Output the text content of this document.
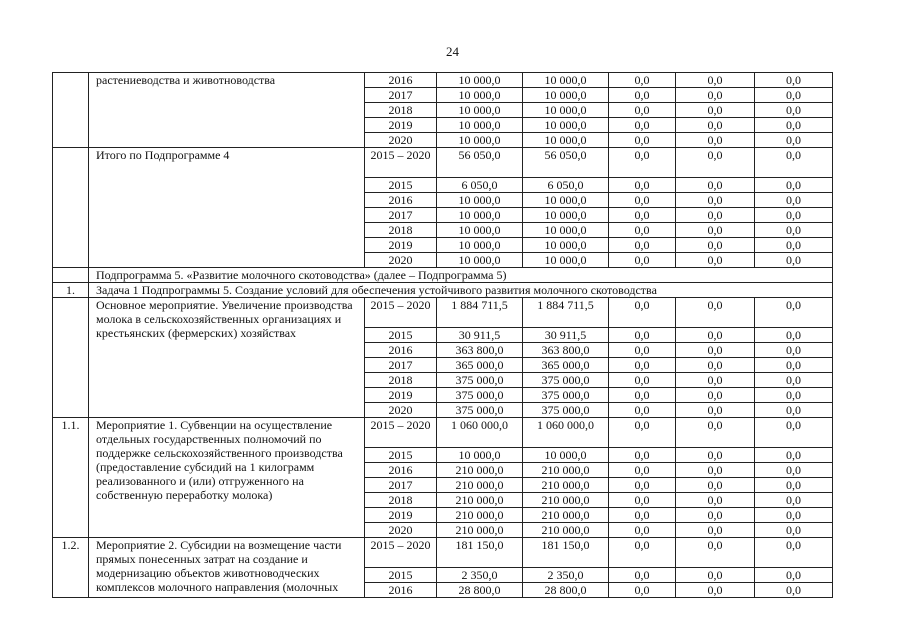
24
	растениеводства и животноводства	2016	10 000,0	10 000,0	0,0	0,0	0,0
		2017	10 000,0	10 000,0	0,0	0,0	0,0
		2018	10 000,0	10 000,0	0,0	0,0	0,0
		2019	10 000,0	10 000,0	0,0	0,0	0,0
		2020	10 000,0	10 000,0	0,0	0,0	0,0
	Итого по Подпрограмме 4	2015 – 2020	56 050,0	56 050,0	0,0	0,0	0,0
		2015	6 050,0	6 050,0	0,0	0,0	0,0
		2016	10 000,0	10 000,0	0,0	0,0	0,0
		2017	10 000,0	10 000,0	0,0	0,0	0,0
		2018	10 000,0	10 000,0	0,0	0,0	0,0
		2019	10 000,0	10 000,0	0,0	0,0	0,0
		2020	10 000,0	10 000,0	0,0	0,0	0,0
	Подпрограмма 5. «Развитие молочного скотоводства» (далее – Подпрограмма 5)						
1.	Задача 1 Подпрограммы 5. Создание условий для обеспечения устойчивого развития молочного скотоводства						
	Основное мероприятие. Увеличение производства молока в сельскохозяйственных организациях и крестьянских (фермерских) хозяйствах	2015 – 2020	1 884 711,5	1 884 711,5	0,0	0,0	0,0
		2015	30 911,5	30 911,5	0,0	0,0	0,0
		2016	363 800,0	363 800,0	0,0	0,0	0,0
		2017	365 000,0	365 000,0	0,0	0,0	0,0
		2018	375 000,0	375 000,0	0,0	0,0	0,0
		2019	375 000,0	375 000,0	0,0	0,0	0,0
		2020	375 000,0	375 000,0	0,0	0,0	0,0
1.1.	Мероприятие 1. Субвенции на осуществление отдельных государственных полномочий по поддержке сельскохозяйственного производства (предоставление субсидий на 1 килограмм реализованного и (или) отгруженного на собственную переработку молока)	2015 – 2020	1 060 000,0	1 060 000,0	0,0	0,0	0,0
		2015	10 000,0	10 000,0	0,0	0,0	0,0
		2016	210 000,0	210 000,0	0,0	0,0	0,0
		2017	210 000,0	210 000,0	0,0	0,0	0,0
		2018	210 000,0	210 000,0	0,0	0,0	0,0
		2019	210 000,0	210 000,0	0,0	0,0	0,0
		2020	210 000,0	210 000,0	0,0	0,0	0,0
1.2.	Мероприятие 2. Субсидии на возмещение части прямых понесенных затрат на создание и модернизацию объектов животноводческих комплексов молочного направления (молочных	2015 – 2020	181 150,0	181 150,0	0,0	0,0	0,0
		2015	2 350,0	2 350,0	0,0	0,0	0,0
		2016	28 800,0	28 800,0	0,0	0,0	0,0
